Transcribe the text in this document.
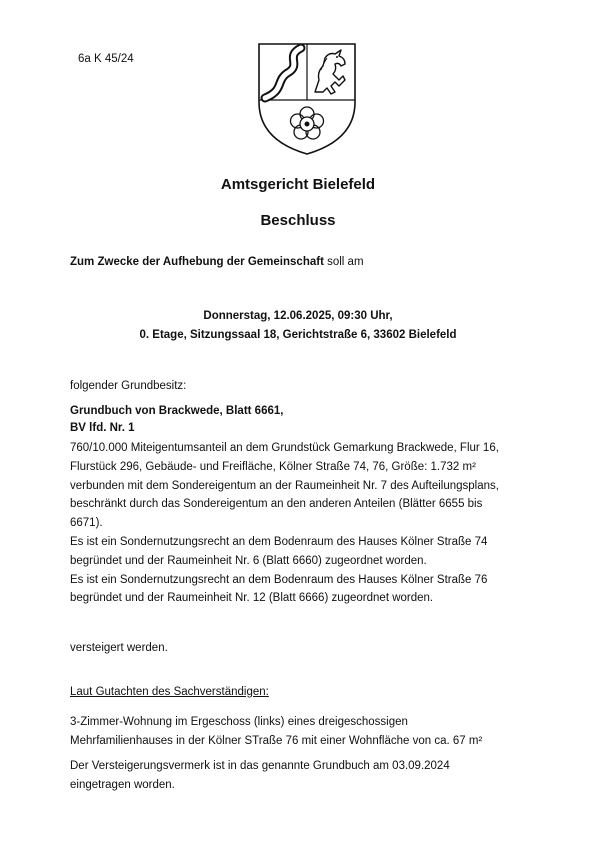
6a K 45/24
Amtsgericht Bielefeld
Beschluss
Zum Zwecke der Aufhebung der Gemeinschaft soll am
Donnerstag, 12.06.2025, 09:30 Uhr,
0. Etage, Sitzungssaal 18, Gerichtstraße 6, 33602 Bielefeld
folgender Grundbesitz:
Grundbuch von Brackwede, Blatt 6661,
BV lfd. Nr. 1
760/10.000 Miteigentumsanteil an dem Grundstück Gemarkung Brackwede, Flur 16,
Flurstück 296, Gebäude- und Freifläche, Kölner Straße 74, 76, Größe: 1.732 m²
verbunden mit dem Sondereigentum an der Raumeinheit Nr. 7 des Aufteilungsplans,
beschränkt durch das Sondereigentum an den anderen Anteilen (Blätter 6655 bis
6671).
Es ist ein Sondernutzungsrecht an dem Bodenraum des Hauses Kölner Straße 74
begründet und der Raumeinheit Nr. 6 (Blatt 6660) zugeordnet worden.
Es ist ein Sondernutzungsrecht an dem Bodenraum des Hauses Kölner Straße 76
begründet und der Raumeinheit Nr. 12 (Blatt 6666) zugeordnet worden.
versteigert werden.
Laut Gutachten des Sachverständigen:
3-Zimmer-Wohnung im Ergeschoss (links) eines dreigeschossigen
Mehrfamilienhauses in der Kölner STraße 76 mit einer Wohnfläche von ca. 67 m²
Der Versteigerungsvermerk ist in das genannte Grundbuch am 03.09.2024
eingetragen worden.
